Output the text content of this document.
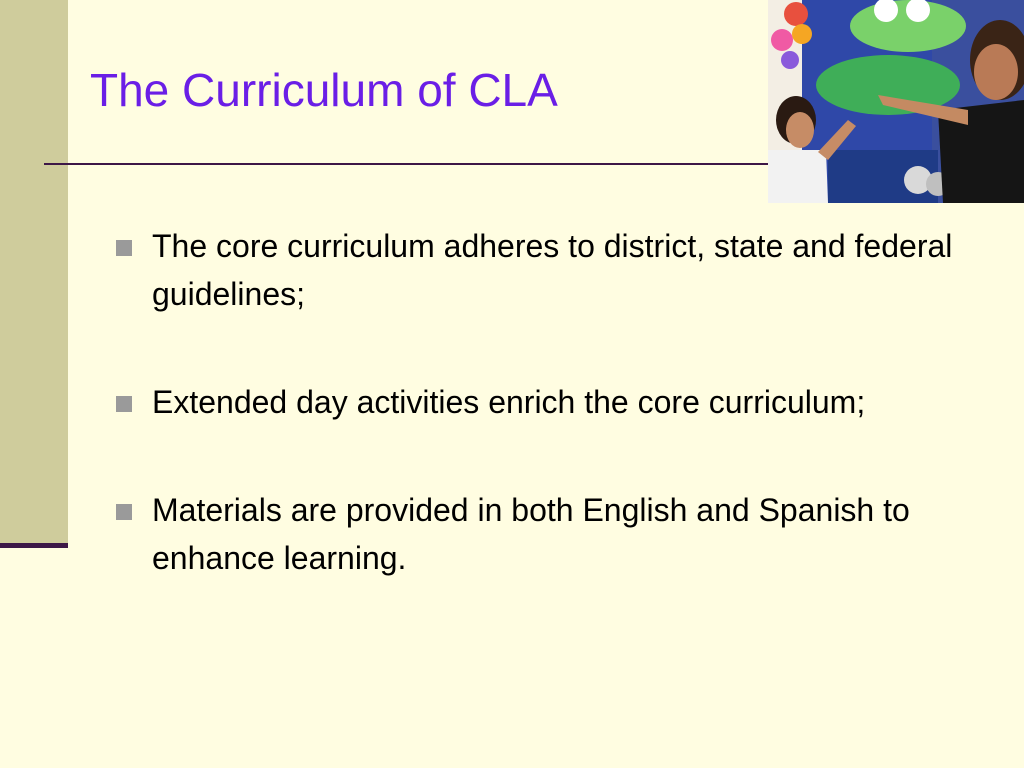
The Curriculum of CLA
The core curriculum adheres to district, state and federal guidelines;
Extended day activities enrich the core curriculum;
Materials are provided in both English and Spanish to enhance learning.
